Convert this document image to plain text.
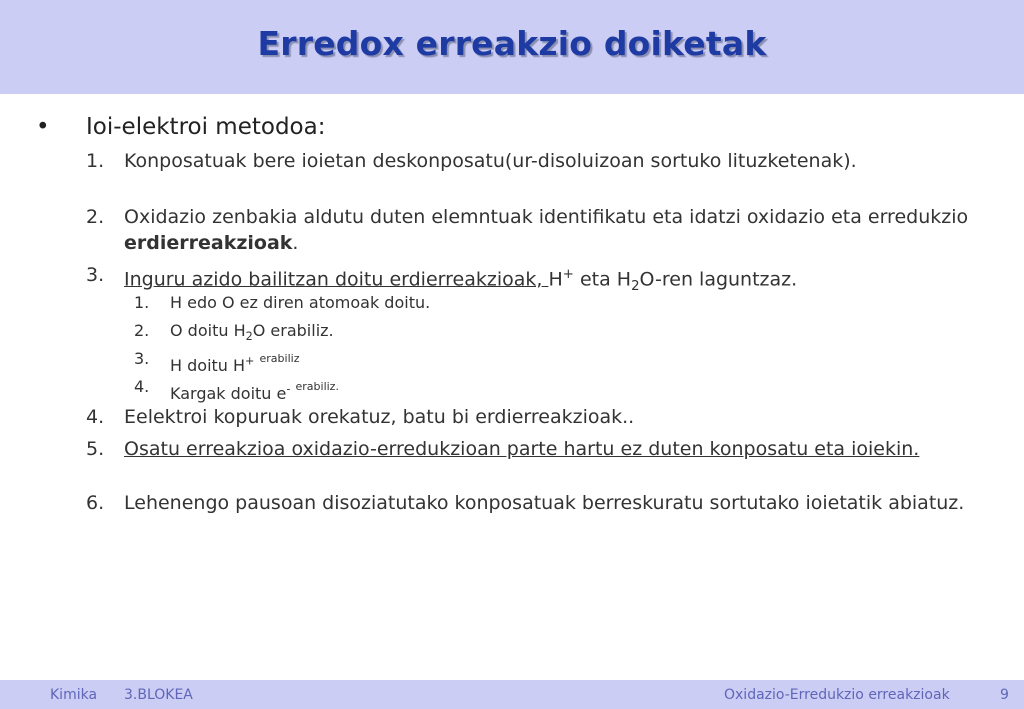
Erredox erreakzio doiketak
• Ioi-elektroi metodoa:
1.	Konposatuak bere ioietan deskonposatu(ur-disoluizoan sortuko lituzketenak).
2.	Oxidazio zenbakia aldutu duten elemntuak identifikatu eta idatzi oxidazio eta erredukzio erdierreakzioak.
3.	Inguru azido bailitzan doitu erdierreakzioak, H+ eta $H_2O$-ren laguntzaz.
1.	H edo O ez diren atomoak doitu.
2.	O doitu $H_2O$ erabiliz.
3.	H doitu H+ $^{erabiliz}$
4.	Kargak doitu e- $^{erabiliz.}$
4.	Eelektroi kopuruak orekatuz, batu bi erdierreakzioak..
5.	Osatu erreakzioa oxidazio-erredukzioan parte hartu ez duten konposatu eta ioiekin.
6.	Lehenengo pausoan disoziatutako konposatuak berreskuratu sortutako ioietatik abiatuz.
Kimika 3.BLOKEA	Oxidazio-Erredukzio erreakzioak	9
